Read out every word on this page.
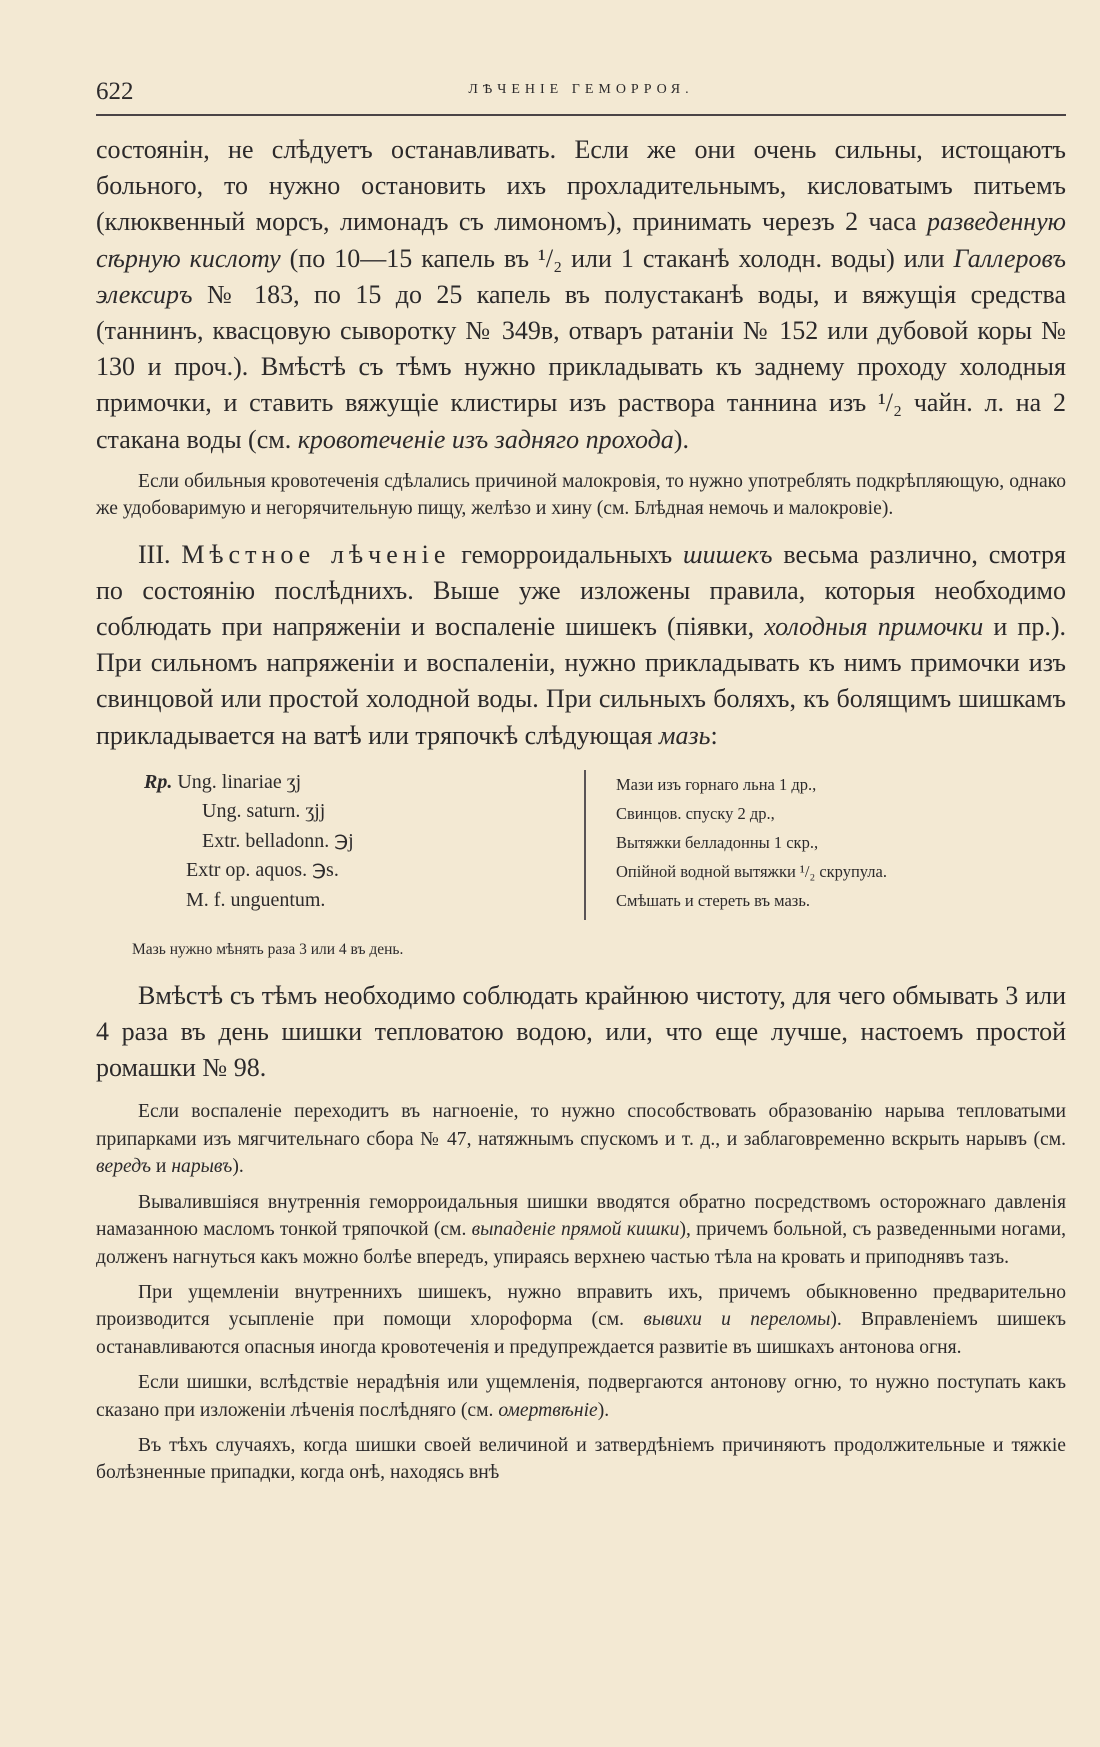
622	ЛѢЧЕНІЕ ГЕМОРРОЯ.

состоянін, не слѣдуетъ останавливать. Если же они очень сильны, истощаютъ больного, то нужно остановить ихъ прохладительнымъ, кисловатымъ питьемъ (клюквенный морсъ, лимонадъ съ лимономъ), принимать черезъ 2 часа разведенную сѣрную кислоту (по 10—15 капель въ ¹/₂ или 1 стаканѣ холодн. воды) или Галлеровъ элексиръ № 183, по 15 до 25 капель въ полустаканѣ воды, и вяжущія средства (таннинъ, квасцовую сыворотку № 349в, отваръ ратаніи № 152 или дубовой коры № 130 и проч.). Вмѣстѣ съ тѣмъ нужно прикладывать къ заднему проходу холодныя примочки, и ставить вяжущіе клистиры изъ раствора таннина изъ ¹/₂ чайн. л. на 2 стакана воды (см. кровотеченіе изъ задняго прохода).

Если обильныя кровотеченія сдѣлались причиной малокровія, то нужно употреблять подкрѣпляющую, однако же удобоваримую и негорячительную пищу, желѣзо и хину (см. Блѣдная немочь и малокровіе).

III. Мѣстное лѣченіе геморроидальныхъ шишекъ весьма различно, смотря по состоянію послѣднихъ. Выше уже изложены правила, которыя необходимо соблюдать при напряженіи и воспаленіе шишекъ (піявки, холодныя примочки и пр.). При сильномъ напряженіи и воспаленіи, нужно прикладывать къ нимъ примочки изъ свинцовой или простой холодной воды. При сильныхъ боляхъ, къ болящимъ шишкамъ прикладывается на ватѣ или тряпочкѣ слѣдующая мазь:

Rp. Ung. linariae ʒj
Ung. saturn. ʒjj
Extr. belladonn. ℈j
Extr op. aquos. ℈s.
M. f. unguentum.
Мази изъ горнаго льна 1 др.,
Свинцов. спуску 2 др.,
Вытяжки белладонны 1 скр.,
Опійной водной вытяжки ¹/₂ скрупула.
Смѣшать и стереть въ мазь.
Мазь нужно мѣнять раза 3 или 4 въ день.

Вмѣстѣ съ тѣмъ необходимо соблюдать крайнюю чистоту, для чего обмывать 3 или 4 раза въ день шишки тепловатою водою, или, что еще лучше, настоемъ простой ромашки № 98.

Если воспаленіе переходитъ въ нагноеніе, то нужно способствовать образованію нарыва тепловатыми припарками изъ мягчительнаго сбора № 47, натяжнымъ спускомъ и т. д., и заблаговременно вскрыть нарывъ (см. вередъ и нарывъ).

Вывалившіяся внутреннія геморроидальныя шишки вводятся обратно посредствомъ осторожнаго давленія намазанною масломъ тонкой тряпочкой (см. выпаденіе прямой кишки), причемъ больной, съ разведенными ногами, долженъ нагнуться какъ можно болѣе впередъ, упираясь верхнею частью тѣла на кровать и приподнявъ тазъ.

При ущемленіи внутреннихъ шишекъ, нужно вправить ихъ, причемъ обыкновенно предварительно производится усыпленіе при помощи хлороформа (см. вывихи и переломы). Вправленіемъ шишекъ останавливаются опасныя иногда кровотеченія и предупреждается развитіе въ шишкахъ антонова огня.

Если шишки, вслѣдствіе нерадѣнія или ущемленія, подвергаются антонову огню, то нужно поступать какъ сказано при изложеніи лѣченія послѣдняго (см. омертвѣніе).

Въ тѣхъ случаяхъ, когда шишки своей величиной и затвердѣніемъ причиняютъ продолжительные и тяжкіе болѣзненные припадки, когда онѣ, находясь внѣ
